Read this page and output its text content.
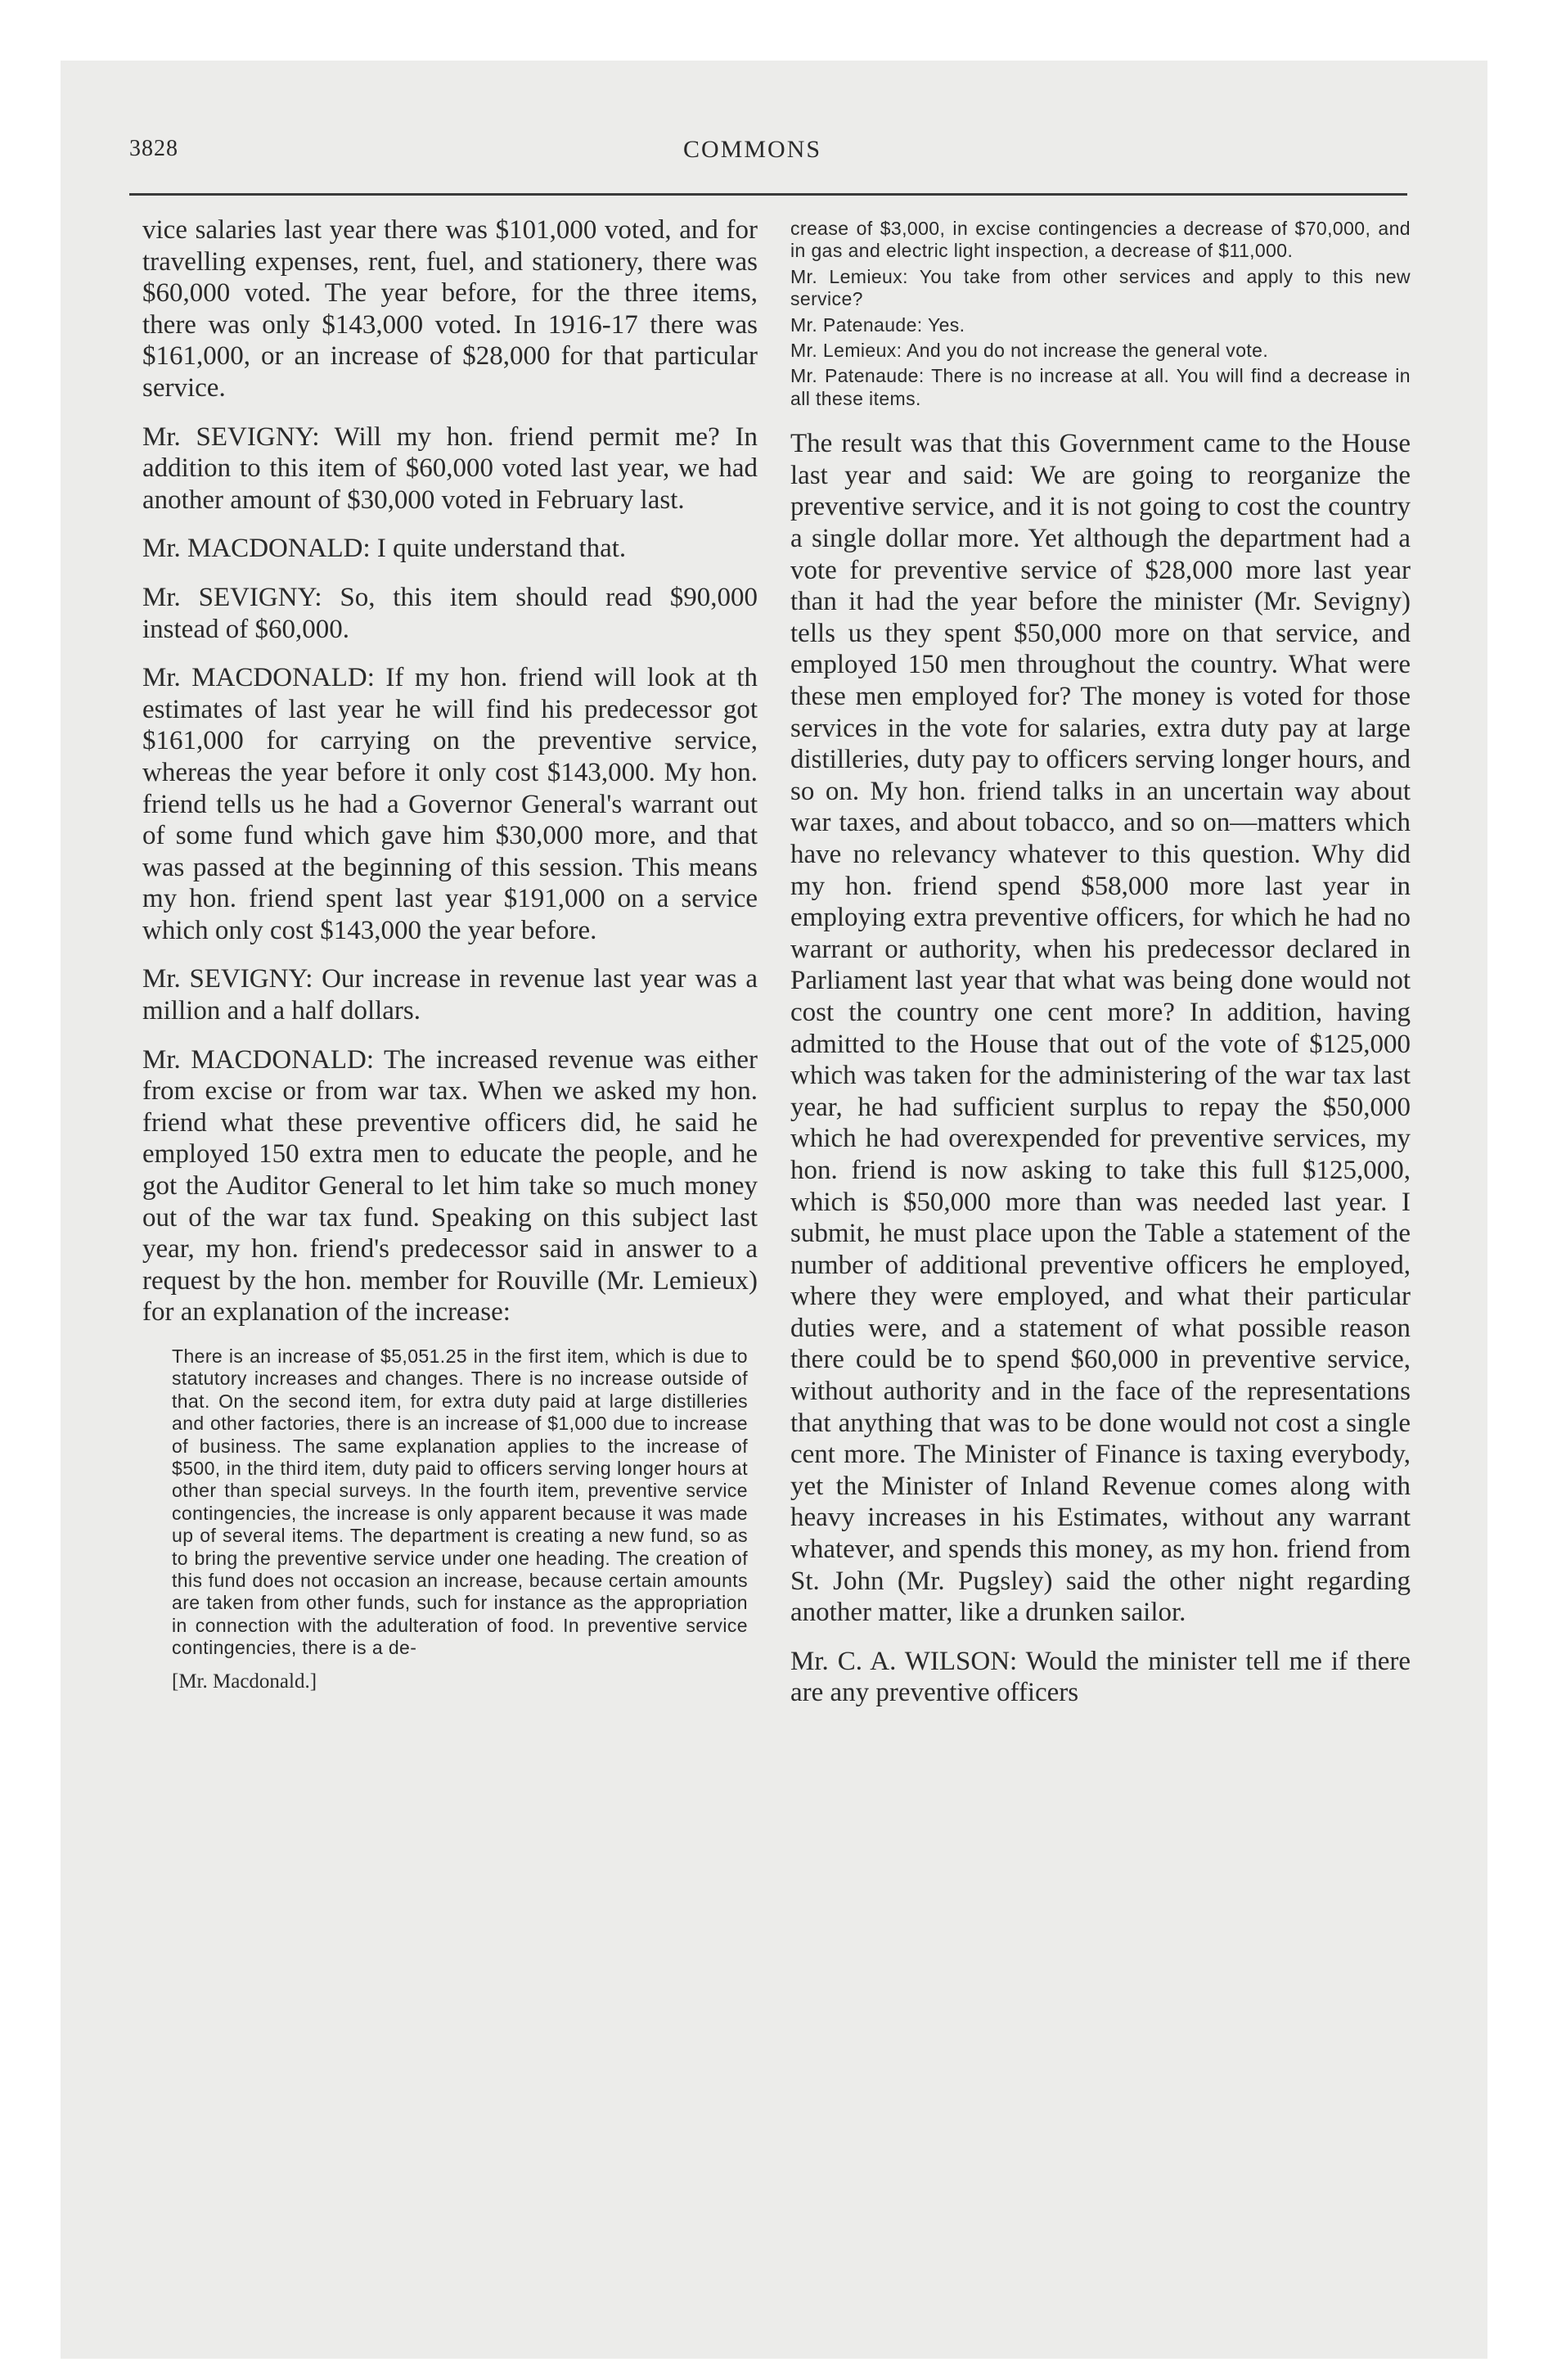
3828	COMMONS

vice salaries last year there was $101,000 voted, and for travelling expenses, rent, fuel, and stationery, there was $60,000 voted. The year before, for the three items, there was only $143,000 voted. In 1916-17 there was $161,000, or an increase of $28,000 for that particular service.

Mr. SEVIGNY: Will my hon. friend permit me? In addition to this item of $60,000 voted last year, we had another amount of $30,000 voted in February last.

Mr. MACDONALD: I quite understand that.

Mr. SEVIGNY: So, this item should read $90,000 instead of $60,000.

Mr. MACDONALD: If my hon. friend will look at th estimates of last year he will find his predecessor got $161,000 for carrying on the preventive service, whereas the year before it only cost $143,000. My hon. friend tells us he had a Governor General's warrant out of some fund which gave him $30,000 more, and that was passed at the beginning of this session. This means my hon. friend spent last year $191,000 on a service which only cost $143,000 the year before.

Mr. SEVIGNY: Our increase in revenue last year was a million and a half dollars.

Mr. MACDONALD: The increased revenue was either from excise or from war tax. When we asked my hon. friend what these preventive officers did, he said he employed 150 extra men to educate the people, and he got the Auditor General to let him take so much money out of the war tax fund. Speaking on this subject last year, my hon. friend's predecessor said in answer to a request by the hon. member for Rouville (Mr. Lemieux) for an explanation of the increase:

There is an increase of $5,051.25 in the first item, which is due to statutory increases and changes. There is no increase outside of that. On the second item, for extra duty paid at large distilleries and other factories, there is an increase of $1,000 due to increase of business. The same explanation applies to the increase of $500, in the third item, duty paid to officers serving longer hours at other than special surveys. In the fourth item, preventive service contingencies, the increase is only apparent because it was made up of several items. The department is creating a new fund, so as to bring the preventive service under one heading. The creation of this fund does not occasion an increase, because certain amounts are taken from other funds, such for instance as the appropriation in connection with the adulteration of food. In preventive service contingencies, there is a de-

[Mr. Macdonald.]

crease of $3,000, in excise contingencies a decrease of $70,000, and in gas and electric light inspection, a decrease of $11,000.

Mr. Lemieux: You take from other services and apply to this new service?

Mr. Patenaude: Yes.

Mr. Lemieux: And you do not increase the general vote.

Mr. Patenaude: There is no increase at all. You will find a decrease in all these items.

The result was that this Government came to the House last year and said: We are going to reorganize the preventive service, and it is not going to cost the country a single dollar more. Yet although the department had a vote for preventive service of $28,000 more last year than it had the year before the minister (Mr. Sevigny) tells us they spent $50,000 more on that service, and employed 150 men throughout the country. What were these men employed for? The money is voted for those services in the vote for salaries, extra duty pay at large distilleries, duty pay to officers serving longer hours, and so on. My hon. friend talks in an uncertain way about war taxes, and about tobacco, and so on—matters which have no relevancy whatever to this question. Why did my hon. friend spend $58,000 more last year in employing extra preventive officers, for which he had no warrant or authority, when his predecessor declared in Parliament last year that what was being done would not cost the country one cent more? In addition, having admitted to the House that out of the vote of $125,000 which was taken for the administering of the war tax last year, he had sufficient surplus to repay the $50,000 which he had overexpended for preventive services, my hon. friend is now asking to take this full $125,000, which is $50,000 more than was needed last year. I submit, he must place upon the Table a statement of the number of additional preventive officers he employed, where they were employed, and what their particular duties were, and a statement of what possible reason there could be to spend $60,000 in preventive service, without authority and in the face of the representations that anything that was to be done would not cost a single cent more. The Minister of Finance is taxing everybody, yet the Minister of Inland Revenue comes along with heavy increases in his Estimates, without any warrant whatever, and spends this money, as my hon. friend from St. John (Mr. Pugsley) said the other night regarding another matter, like a drunken sailor.

Mr. C. A. WILSON: Would the minister tell me if there are any preventive officers
